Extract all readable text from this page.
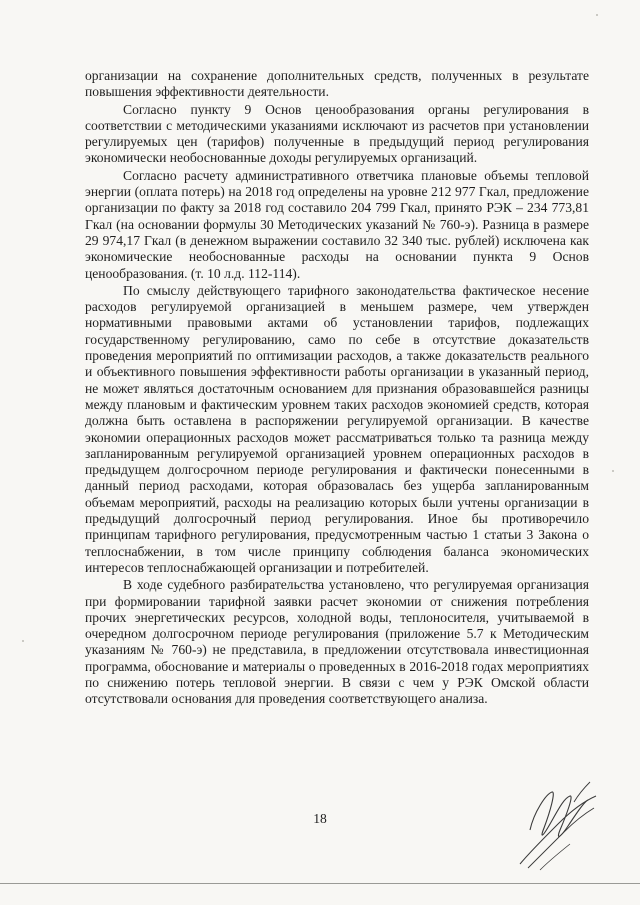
организации на сохранение дополнительных средств, полученных в результате повышения эффективности деятельности.

Согласно пункту 9 Основ ценообразования органы регулирования в соответствии с методическими указаниями исключают из расчетов при установлении регулируемых цен (тарифов) полученные в предыдущий период регулирования экономически необоснованные доходы регулируемых организаций.

Согласно расчету административного ответчика плановые объемы тепловой энергии (оплата потерь) на 2018 год определены на уровне 212 977 Гкал, предложение организации по факту за 2018 год составило 204 799 Гкал, принято РЭК – 234 773,81 Гкал (на основании формулы 30 Методических указаний № 760-э). Разница в размере 29 974,17 Гкал (в денежном выражении составило 32 340 тыс. рублей) исключена как экономические необоснованные расходы на основании пункта 9 Основ ценообразования. (т. 10 л.д. 112-114).

По смыслу действующего тарифного законодательства фактическое несение расходов регулируемой организацией в меньшем размере, чем утвержден нормативными правовыми актами об установлении тарифов, подлежащих государственному регулированию, само по себе в отсутствие доказательств проведения мероприятий по оптимизации расходов, а также доказательств реального и объективного повышения эффективности работы организации в указанный период, не может являться достаточным основанием для признания образовавшейся разницы между плановым и фактическим уровнем таких расходов экономией средств, которая должна быть оставлена в распоряжении регулируемой организации. В качестве экономии операционных расходов может рассматриваться только та разница между запланированным регулируемой организацией уровнем операционных расходов в предыдущем долгосрочном периоде регулирования и фактически понесенными в данный период расходами, которая образовалась без ущерба запланированным объемам мероприятий, расходы на реализацию которых были учтены организации в предыдущий долгосрочный период регулирования. Иное бы противоречило принципам тарифного регулирования, предусмотренным частью 1 статьи 3 Закона о теплоснабжении, в том числе принципу соблюдения баланса экономических интересов теплоснабжающей организации и потребителей.

В ходе судебного разбирательства установлено, что регулируемая организация при формировании тарифной заявки расчет экономии от снижения потребления прочих энергетических ресурсов, холодной воды, теплоносителя, учитываемой в очередном долгосрочном периоде регулирования (приложение 5.7 к Методическим указаниям № 760-э) не представила, в предложении отсутствовала инвестиционная программа, обоснование и материалы о проведенных в 2016-2018 годах мероприятиях по снижению потерь тепловой энергии. В связи с чем у РЭК Омской области отсутствовали основания для проведения соответствующего анализа.

18
